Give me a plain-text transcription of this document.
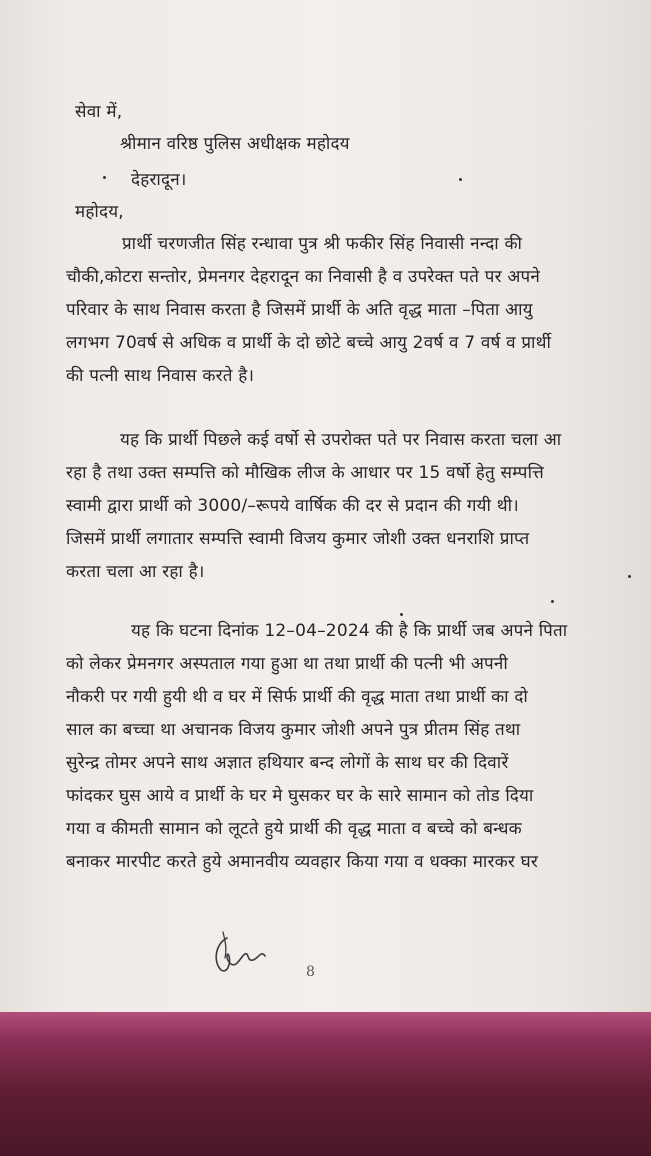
सेवा में,
श्रीमान वरिष्ठ पुलिस अधीक्षक महोदय
देहरादून।
महोदय,
प्रार्थी चरणजीत सिंह रन्धावा पुत्र श्री फकीर सिंह निवासी नन्दा की
चौकी,कोटरा सन्तोर, प्रेमनगर देहरादून का निवासी है व उपरेक्त पते पर अपने
परिवार के साथ निवास करता है जिसमें प्रार्थी के अति वृद्ध माता –पिता आयु
लगभग 70वर्ष से अधिक व प्रार्थी के दो छोटे बच्चे आयु 2वर्ष व 7 वर्ष व प्रार्थी
की पत्नी साथ निवास करते है।
यह कि प्रार्थी पिछले कई वर्षो से उपरोक्त पते पर निवास करता चला आ
रहा है तथा उक्त सम्पत्ति को मौखिक लीज के आधार पर 15 वर्षो हेतु सम्पत्ति
स्वामी द्वारा प्रार्थी को 3000/–रूपये वार्षिक की दर से प्रदान की गयी थी।
जिसमें प्रार्थी लगातार सम्पत्ति स्वामी विजय कुमार जोशी उक्त धनराशि प्राप्त
करता चला आ रहा है।
यह कि घटना दिनांक 12–04–2024 की है कि प्रार्थी जब अपने पिता
को लेकर प्रेमनगर अस्पताल गया हुआ था तथा प्रार्थी की पत्नी भी अपनी
नौकरी पर गयी हुयी थी व घर में सिर्फ प्रार्थी की वृद्ध माता तथा प्रार्थी का दो
साल का बच्चा था अचानक विजय कुमार जोशी अपने पुत्र प्रीतम सिंह तथा
सुरेन्द्र तोमर अपने साथ अज्ञात हथियार बन्द लोगों के साथ घर की दिवारें
फांदकर घुस आये व प्रार्थी के घर मे घुसकर घर के सारे सामान को तोड दिया
गया व कीमती सामान को लूटते हुये प्रार्थी की वृद्ध माता व बच्चे को बन्धक
बनाकर मारपीट करते हुये अमानवीय व्यवहार किया गया व धक्का मारकर घर
8
